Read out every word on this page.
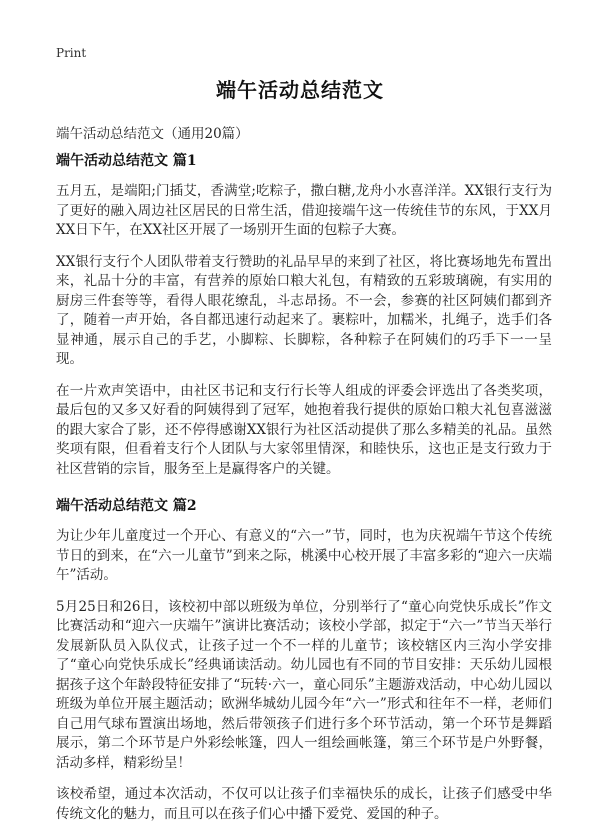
Print
端午活动总结范文
端午活动总结范文（通用20篇）
端午活动总结范文 篇1

五月五，是端阳;门插艾，香满堂;吃粽子，撒白糖,龙舟小水喜洋洋。XX银行支行为了更好的融入周边社区居民的日常生活，借迎接端午这一传统佳节的东风，于XX月XX日下午，在XX社区开展了一场别开生面的包粽子大赛。

XX银行支行个人团队带着支行赞助的礼品早早的来到了社区，将比赛场地先布置出来，礼品十分的丰富，有营养的原始口粮大礼包，有精致的五彩玻璃碗，有实用的厨房三件套等等，看得人眼花缭乱，斗志昂扬。不一会，参赛的社区阿姨们都到齐了，随着一声开始，各自都迅速行动起来了。裹粽叶，加糯米，扎绳子，选手们各显神通，展示自己的手艺，小脚粽、长脚粽，各种粽子在阿姨们的巧手下一一呈现。

在一片欢声笑语中，由社区书记和支行行长等人组成的评委会评选出了各类奖项，最后包的又多又好看的阿姨得到了冠军，她抱着我行提供的原始口粮大礼包喜滋滋的跟大家合了影，还不停得感谢XX银行为社区活动提供了那么多精美的礼品。虽然奖项有限，但看着支行个人团队与大家邻里情深，和睦快乐，这也正是支行致力于社区营销的宗旨，服务至上是赢得客户的关键。

端午活动总结范文 篇2

为让少年儿童度过一个开心、有意义的“六一”节，同时，也为庆祝端午节这个传统节日的到来，在“六一儿童节”到来之际，桃溪中心校开展了丰富多彩的“迎六一庆端午”活动。

5月25日和26日，该校初中部以班级为单位，分别举行了“童心向党快乐成长”作文比赛活动和“迎六一庆端午”演讲比赛活动；该校小学部，拟定于“六一”节当天举行发展新队员入队仪式，让孩子过一个不一样的儿童节；该校辖区内三沟小学安排了“童心向党快乐成长”经典诵读活动。幼儿园也有不同的节目安排：天乐幼儿园根据孩子这个年龄段特征安排了“玩转·六一，童心同乐”主题游戏活动，中心幼儿园以班级为单位开展主题活动；欧洲华城幼儿园今年“六一”形式和往年不一样，老师们自己用气球布置演出场地，然后带领孩子们进行多个环节活动，第一个环节是舞蹈展示，第二个环节是户外彩绘帐篷，四人一组绘画帐篷，第三个环节是户外野餐，活动多样，精彩纷呈！

该校希望，通过本次活动，不仅可以让孩子们幸福快乐的成长，让孩子们感受中华传统文化的魅力，而且可以在孩子们心中播下爱党、爱国的种子。
